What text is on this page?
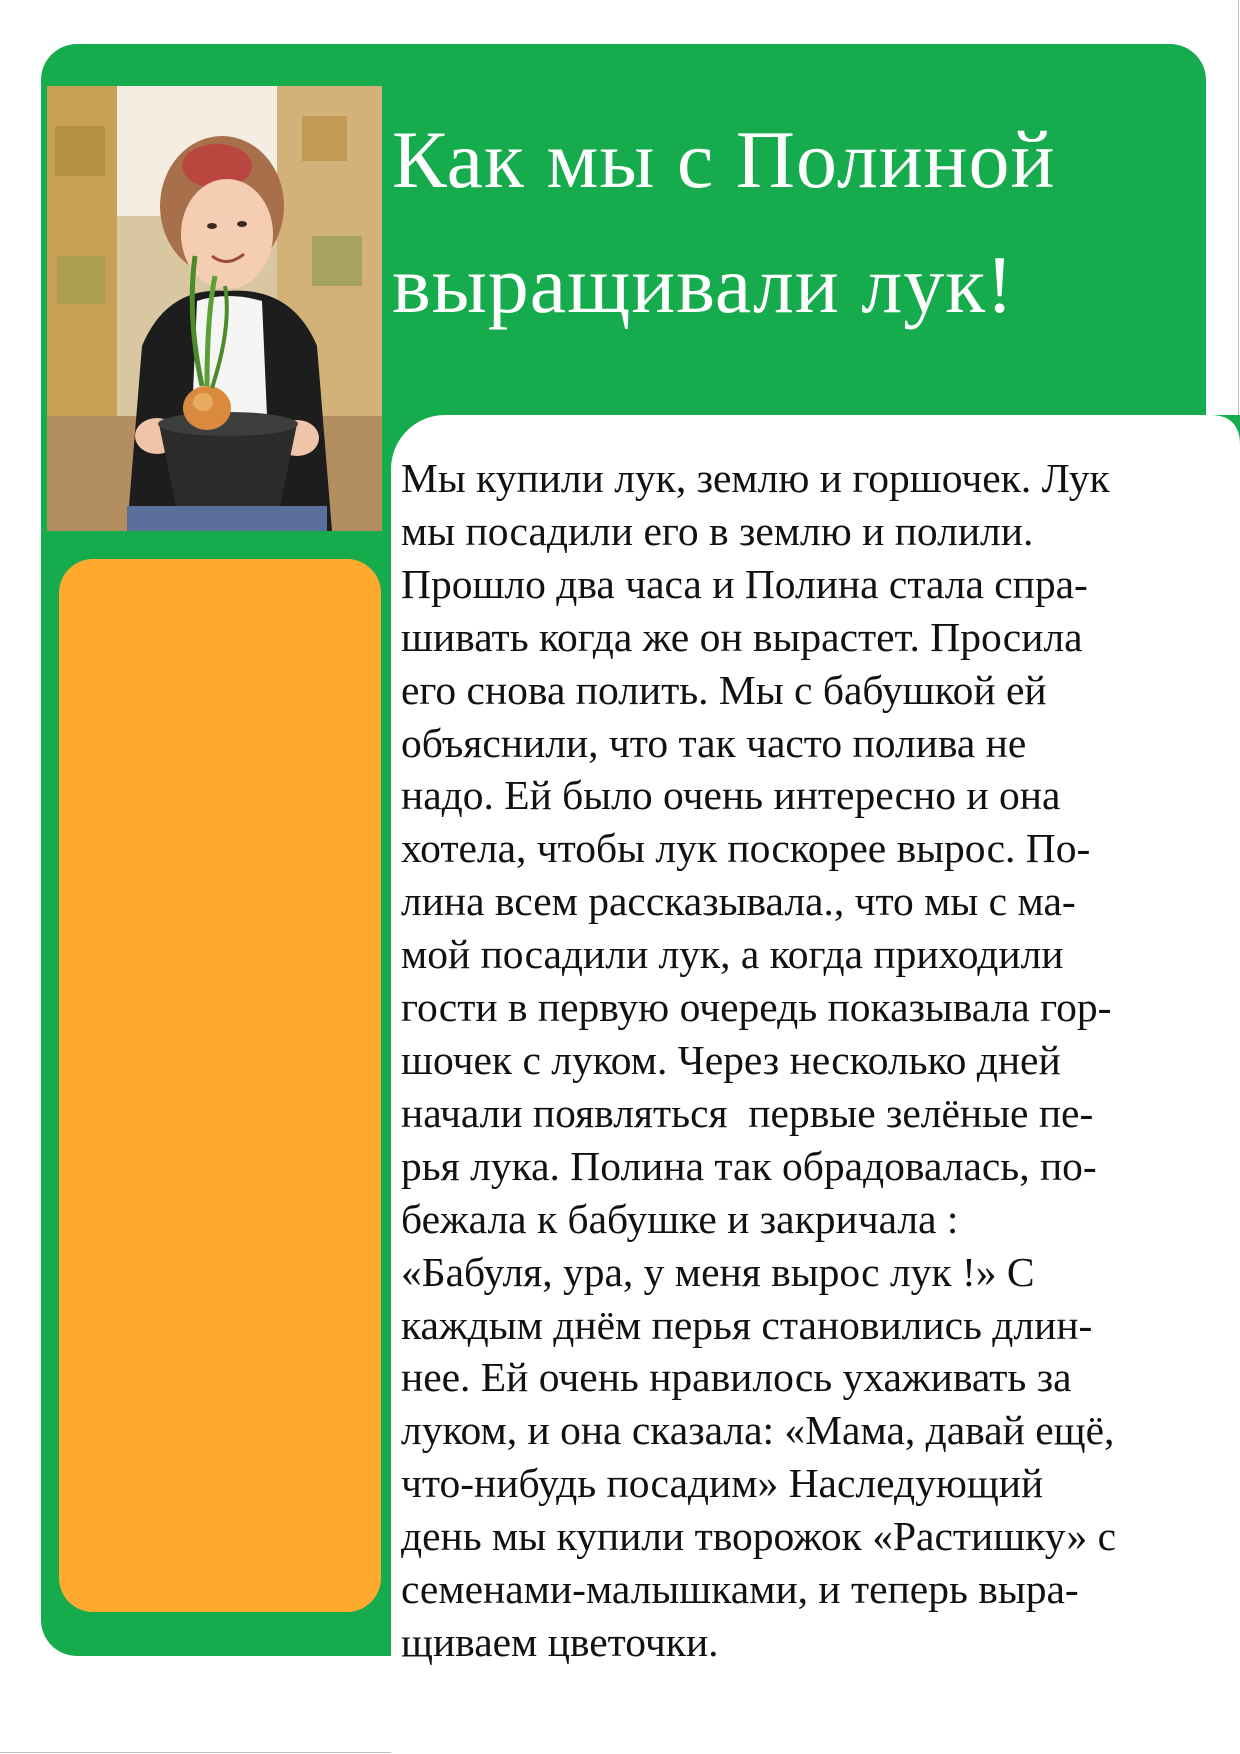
Как мы с Полиной
выращивали лук!
Мы купили лук, землю и горшочек. Лук
мы посадили его в землю и полили.
Прошло два часа и Полина стала спра-
шивать когда же он вырастет. Просила
его снова полить. Мы с бабушкой ей
объяснили, что так часто полива не
надо. Ей было очень интересно и она
хотела, чтобы лук поскорее вырос. По-
лина всем рассказывала., что мы с ма-
мой посадили лук, а когда приходили
гости в первую очередь показывала гор-
шочек с луком. Через несколько дней
начали появляться  первые зелёные пе-
рья лука. Полина так обрадовалась, по-
бежала к бабушке и закричала :
«Бабуля, ура, у меня вырос лук !» С
каждым днём перья становились длин-
нее. Ей очень нравилось ухаживать за
луком, и она сказала: «Мама, давай ещё,
что-нибудь посадим» Наследующий
день мы купили творожок «Растишку» с
семенами-малышками, и теперь выра-
щиваем цветочки.
